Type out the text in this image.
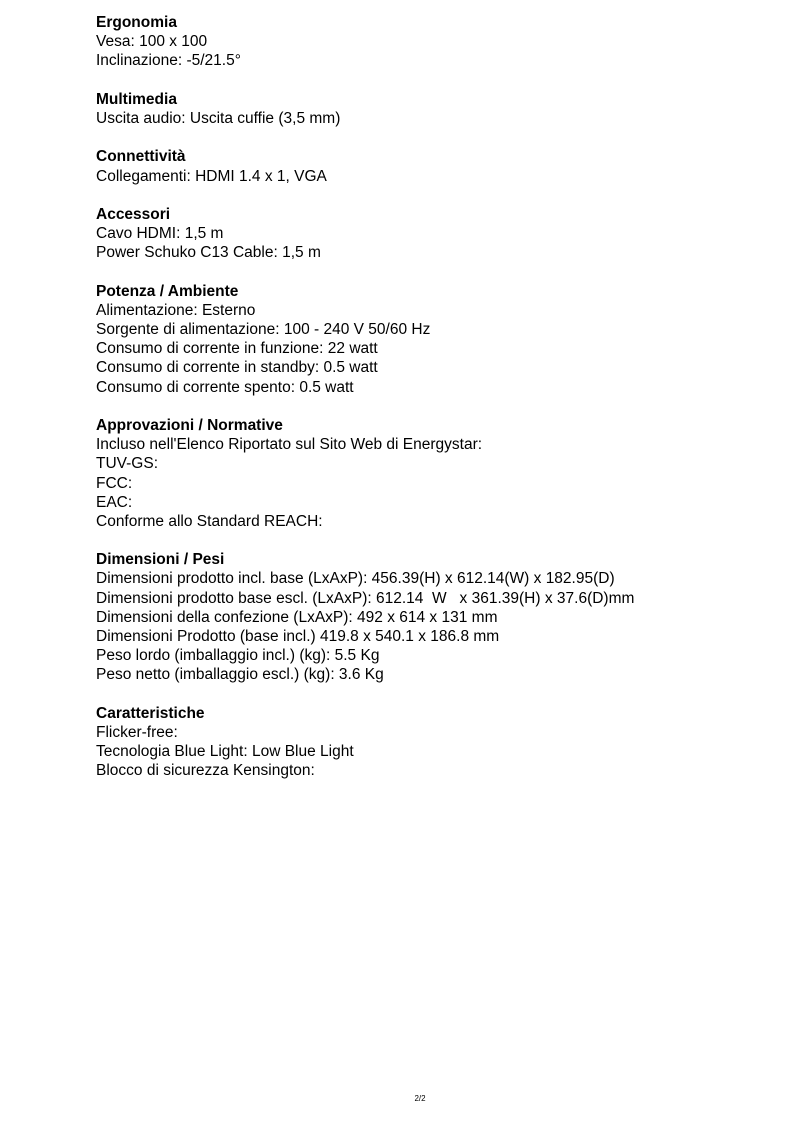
Ergonomia
Vesa: 100 x 100
Inclinazione: -5/21.5°
Multimedia
Uscita audio: Uscita cuffie (3,5 mm)
Connettività
Collegamenti: HDMI 1.4 x 1, VGA
Accessori
Cavo HDMI: 1,5 m
Power Schuko C13 Cable: 1,5 m
Potenza / Ambiente
Alimentazione: Esterno
Sorgente di alimentazione: 100 - 240 V 50/60 Hz
Consumo di corrente in funzione: 22 watt
Consumo di corrente in standby: 0.5 watt
Consumo di corrente spento: 0.5 watt
Approvazioni / Normative
Incluso nell'Elenco Riportato sul Sito Web di Energystar:
TUV-GS:
FCC:
EAC:
Conforme allo Standard REACH:
Dimensioni / Pesi
Dimensioni prodotto incl. base (LxAxP): 456.39(H) x 612.14(W) x 182.95(D)
Dimensioni prodotto base escl. (LxAxP): 612.14  W   x 361.39(H) x 37.6(D)mm
Dimensioni della confezione (LxAxP): 492 x 614 x 131 mm
Dimensioni Prodotto (base incl.) 419.8 x 540.1 x 186.8 mm
Peso lordo (imballaggio incl.) (kg): 5.5 Kg
Peso netto (imballaggio escl.) (kg): 3.6 Kg
Caratteristiche
Flicker-free:
Tecnologia Blue Light: Low Blue Light
Blocco di sicurezza Kensington:
2/2
